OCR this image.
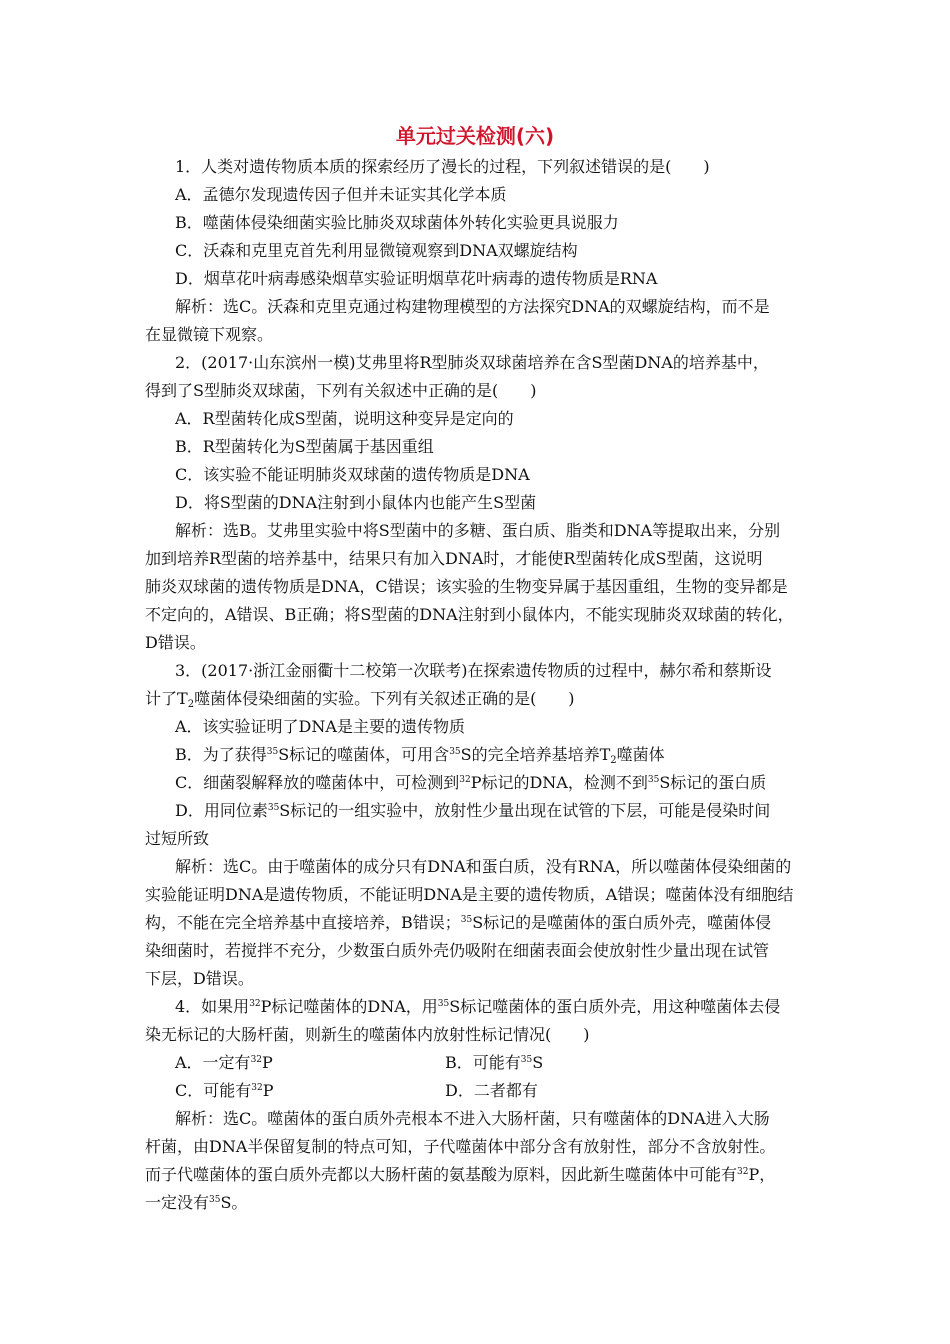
单元过关检测(六)
1．人类对遗传物质本质的探索经历了漫长的过程，下列叙述错误的是(　　)
A．孟德尔发现遗传因子但并未证实其化学本质
B．噬菌体侵染细菌实验比肺炎双球菌体外转化实验更具说服力
C．沃森和克里克首先利用显微镜观察到DNA双螺旋结构
D．烟草花叶病毒感染烟草实验证明烟草花叶病毒的遗传物质是RNA
解析：选C。沃森和克里克通过构建物理模型的方法探究DNA的双螺旋结构，而不是
在显微镜下观察。
2．(2017·山东滨州一模)艾弗里将R型肺炎双球菌培养在含S型菌DNA的培养基中，
得到了S型肺炎双球菌，下列有关叙述中正确的是(　　)
A．R型菌转化成S型菌，说明这种变异是定向的
B．R型菌转化为S型菌属于基因重组
C．该实验不能证明肺炎双球菌的遗传物质是DNA
D．将S型菌的DNA注射到小鼠体内也能产生S型菌
解析：选B。艾弗里实验中将S型菌中的多糖、蛋白质、脂类和DNA等提取出来，分别
加到培养R型菌的培养基中，结果只有加入DNA时，才能使R型菌转化成S型菌，这说明
肺炎双球菌的遗传物质是DNA，C错误；该实验的生物变异属于基因重组，生物的变异都是
不定向的，A错误、B正确；将S型菌的DNA注射到小鼠体内，不能实现肺炎双球菌的转化，
D错误。
3．(2017·浙江金丽衢十二校第一次联考)在探索遗传物质的过程中，赫尔希和蔡斯设
计了$T_2$噬菌体侵染细菌的实验。下列有关叙述正确的是(　　)
A．该实验证明了DNA是主要的遗传物质
B．为了获得$^{35}$S标记的噬菌体，可用含$^{35}$S的完全培养基培养$T_2$噬菌体
C．细菌裂解释放的噬菌体中，可检测到$^{32}$P标记的DNA，检测不到$^{35}$S标记的蛋白质
D．用同位素$^{35}$S标记的一组实验中，放射性少量出现在试管的下层，可能是侵染时间
过短所致
解析：选C。由于噬菌体的成分只有DNA和蛋白质，没有RNA，所以噬菌体侵染细菌的
实验能证明DNA是遗传物质，不能证明DNA是主要的遗传物质，A错误；噬菌体没有细胞结
构，不能在完全培养基中直接培养，B错误；$^{35}$S标记的是噬菌体的蛋白质外壳，噬菌体侵
染细菌时，若搅拌不充分，少数蛋白质外壳仍吸附在细菌表面会使放射性少量出现在试管
下层，D错误。
4．如果用$^{32}$P标记噬菌体的DNA，用$^{35}$S标记噬菌体的蛋白质外壳，用这种噬菌体去侵
染无标记的大肠杆菌，则新生的噬菌体内放射性标记情况(　　)
A．一定有$^{32}$P	B．可能有$^{35}$S
C．可能有$^{32}$P	D．二者都有
解析：选C。噬菌体的蛋白质外壳根本不进入大肠杆菌，只有噬菌体的DNA进入大肠
杆菌，由DNA半保留复制的特点可知，子代噬菌体中部分含有放射性，部分不含放射性。
而子代噬菌体的蛋白质外壳都以大肠杆菌的氨基酸为原料，因此新生噬菌体中可能有$^{32}$P，
一定没有$^{35}$S。
